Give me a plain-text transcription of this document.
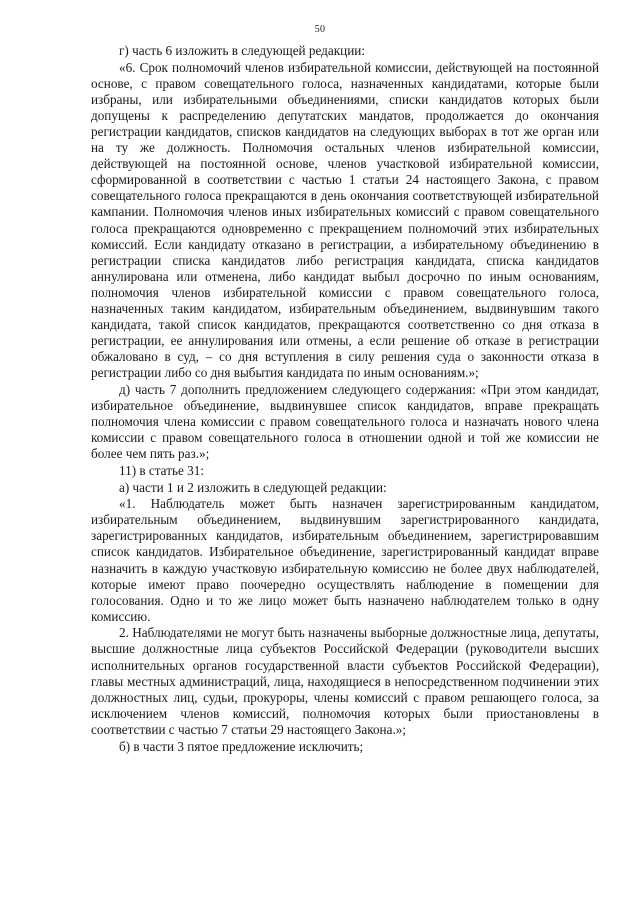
50

г) часть 6 изложить в следующей редакции:

«6. Срок полномочий членов избирательной комиссии, действующей на постоянной основе, с правом совещательного голоса, назначенных кандидатами, которые были избраны, или избирательными объединениями, списки кандидатов которых были допущены к распределению депутатских мандатов, продолжается до окончания регистрации кандидатов, списков кандидатов на следующих выборах в тот же орган или на ту же должность. Полномочия остальных членов избирательной комиссии, действующей на постоянной основе, членов участковой избирательной комиссии, сформированной в соответствии с частью 1 статьи 24 настоящего Закона, с правом совещательного голоса прекращаются в день окончания соответствующей избирательной кампании. Полномочия членов иных избирательных комиссий с правом совещательного голоса прекращаются одновременно с прекращением полномочий этих избирательных комиссий. Если кандидату отказано в регистрации, а избирательному объединению в регистрации списка кандидатов либо регистрация кандидата, списка кандидатов аннулирована или отменена, либо кандидат выбыл досрочно по иным основаниям, полномочия членов избирательной комиссии с правом совещательного голоса, назначенных таким кандидатом, избирательным объединением, выдвинувшим такого кандидата, такой список кандидатов, прекращаются соответственно со дня отказа в регистрации, ее аннулирования или отмены, а если решение об отказе в регистрации обжаловано в суд, – со дня вступления в силу решения суда о законности отказа в регистрации либо со дня выбытия кандидата по иным основаниям.»;

д) часть 7 дополнить предложением следующего содержания: «При этом кандидат, избирательное объединение, выдвинувшее список кандидатов, вправе прекращать полномочия члена комиссии с правом совещательного голоса и назначать нового члена комиссии с правом совещательного голоса в отношении одной и той же комиссии не более чем пять раз.»;

11) в статье 31:

а) части 1 и 2 изложить в следующей редакции:

«1. Наблюдатель может быть назначен зарегистрированным кандидатом, избирательным объединением, выдвинувшим зарегистрированного кандидата, зарегистрированных кандидатов, избирательным объединением, зарегистрировавшим список кандидатов. Избирательное объединение, зарегистрированный кандидат вправе назначить в каждую участковую избирательную комиссию не более двух наблюдателей, которые имеют право поочередно осуществлять наблюдение в помещении для голосования. Одно и то же лицо может быть назначено наблюдателем только в одну комиссию.

2. Наблюдателями не могут быть назначены выборные должностные лица, депутаты, высшие должностные лица субъектов Российской Федерации (руководители высших исполнительных органов государственной власти субъектов Российской Федерации), главы местных администраций, лица, находящиеся в непосредственном подчинении этих должностных лиц, судьи, прокуроры, члены комиссий с правом решающего голоса, за исключением членов комиссий, полномочия которых были приостановлены в соответствии с частью 7 статьи 29 настоящего Закона.»;

б) в части 3 пятое предложение исключить;
